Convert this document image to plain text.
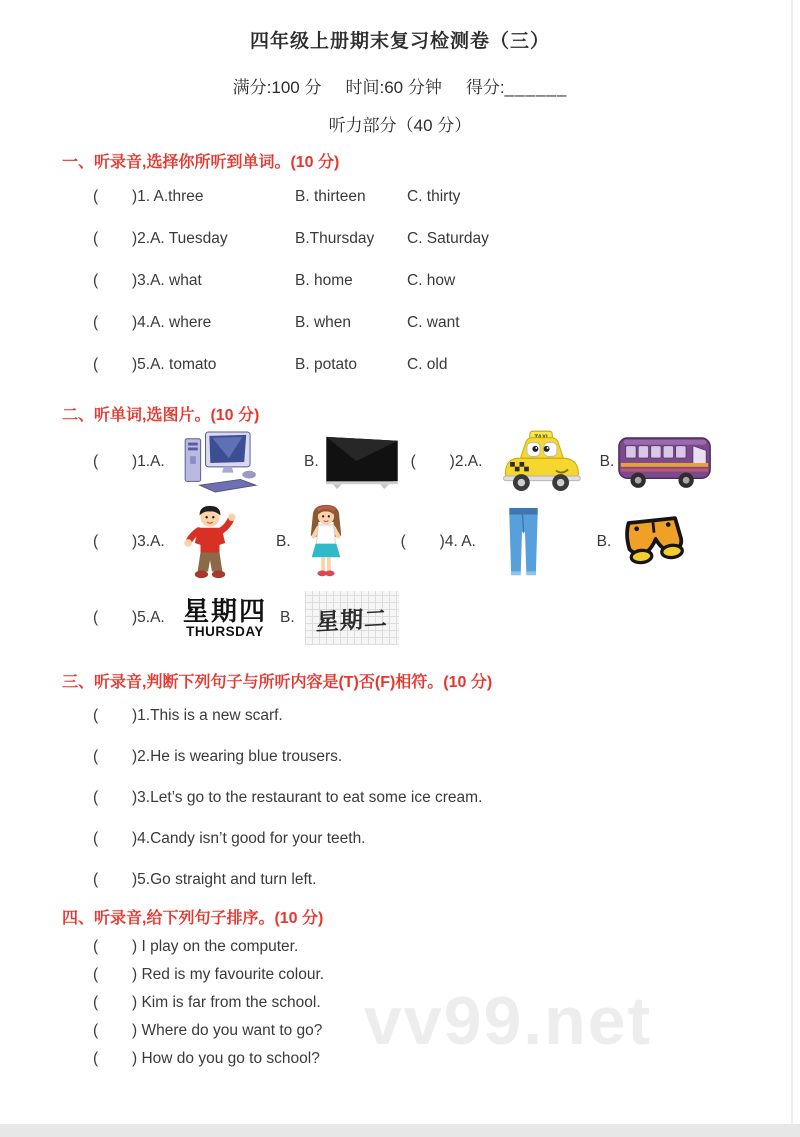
四年级上册期末复习检测卷（三）
满分:100 分 时间:60 分钟 得分:______
听力部分（40 分）
一、听录音,选择你所听到单词。(10 分)
(	)1. A.three	B. thirteen	C. thirty
(	)2.A. Tuesday	B.Thursday	C. Saturday
(	)3.A. what	B. home	C. how
(	)4.A. where	B. when	C. want
(	)5.A. tomato	B. potato	C. old
二、听单词,选图片。(10 分)
(	)1.A.	B.	(	)2.A.	B.
(	)3.A.	B.	(	)4. A.	B.
(	)5.A. 星期四
THURSDAY
B. 星期二
三、听录音,判断下列句子与所听内容是(T)否(F)相符。(10 分)
(	)1.This is a new scarf.
(	)2.He is wearing blue trousers.
(	)3.Let’s go to the restaurant to eat some ice cream.
(	)4.Candy isn’t good for your teeth.
(	)5.Go straight and turn left.
四、听录音,给下列句子排序。(10 分)
(	) I play on the computer.
(	) Red is my favourite colour.
(	) Kim is far from the school.
(	) Where do you want to go?
(	) How do you go to school? vv99.net
